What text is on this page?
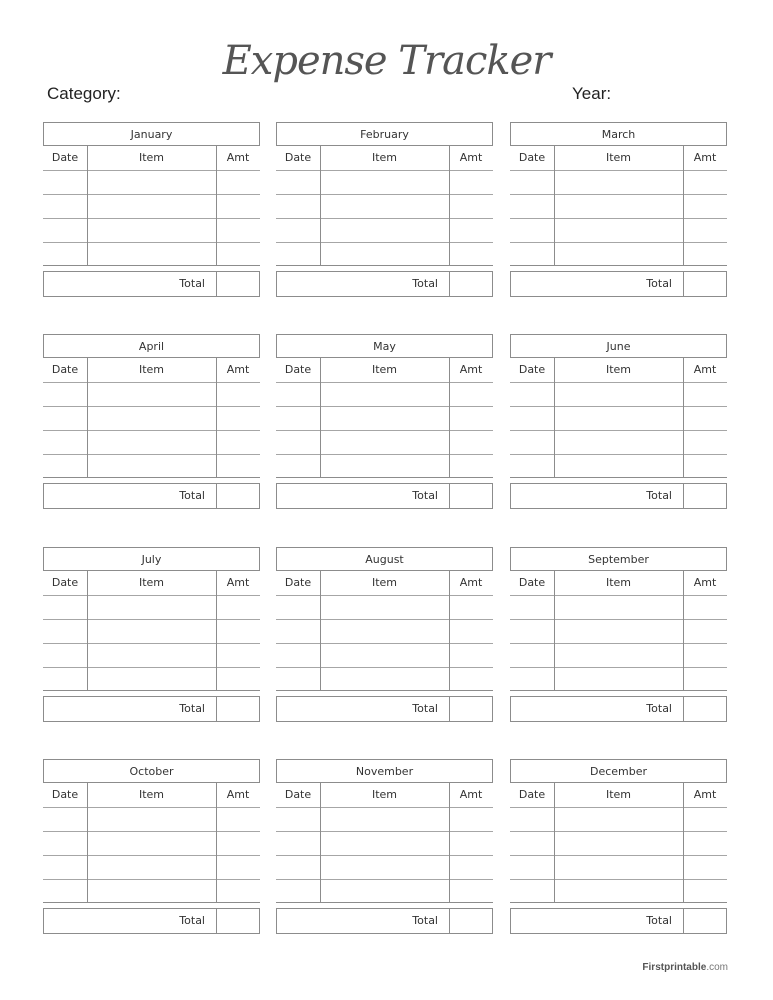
Expense Tracker
Category:	Year:
January
Date	Item	Amt
Total
February
Date	Item	Amt
Total
March
Date	Item	Amt
Total
April
Date	Item	Amt
Total
May
Date	Item	Amt
Total
June
Date	Item	Amt
Total
July
Date	Item	Amt
Total
August
Date	Item	Amt
Total
September
Date	Item	Amt
Total
October
Date	Item	Amt
Total
November
Date	Item	Amt
Total
December
Date	Item	Amt
Total
Firstprintable.com
